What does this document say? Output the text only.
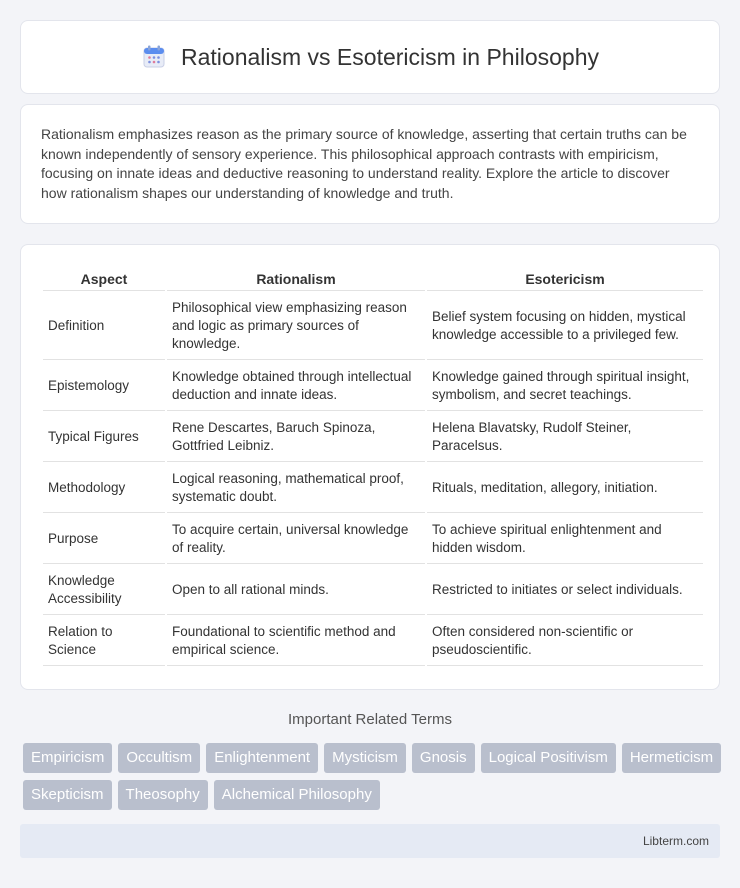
Rationalism vs Esotericism in Philosophy

Rationalism emphasizes reason as the primary source of knowledge, asserting that certain truths can be known independently of sensory experience. This philosophical approach contrasts with empiricism, focusing on innate ideas and deductive reasoning to understand reality. Explore the article to discover how rationalism shapes our understanding of knowledge and truth.

Aspect	Rationalism	Esotericism
Definition	Philosophical view emphasizing reason and logic as primary sources of knowledge.	Belief system focusing on hidden, mystical knowledge accessible to a privileged few.
Epistemology	Knowledge obtained through intellectual deduction and innate ideas.	Knowledge gained through spiritual insight, symbolism, and secret teachings.
Typical Figures	Rene Descartes, Baruch Spinoza, Gottfried Leibniz.	Helena Blavatsky, Rudolf Steiner, Paracelsus.
Methodology	Logical reasoning, mathematical proof, systematic doubt.	Rituals, meditation, allegory, initiation.
Purpose	To acquire certain, universal knowledge of reality.	To achieve spiritual enlightenment and hidden wisdom.
Knowledge Accessibility	Open to all rational minds.	Restricted to initiates or select individuals.
Relation to Science	Foundational to scientific method and empirical science.	Often considered non-scientific or pseudoscientific.
Important Related Terms
Empiricism	Occultism	Enlightenment	Mysticism	Gnosis	Logical Positivism	Hermeticism
Skepticism	Theosophy	Alchemical Philosophy
Libterm.com
